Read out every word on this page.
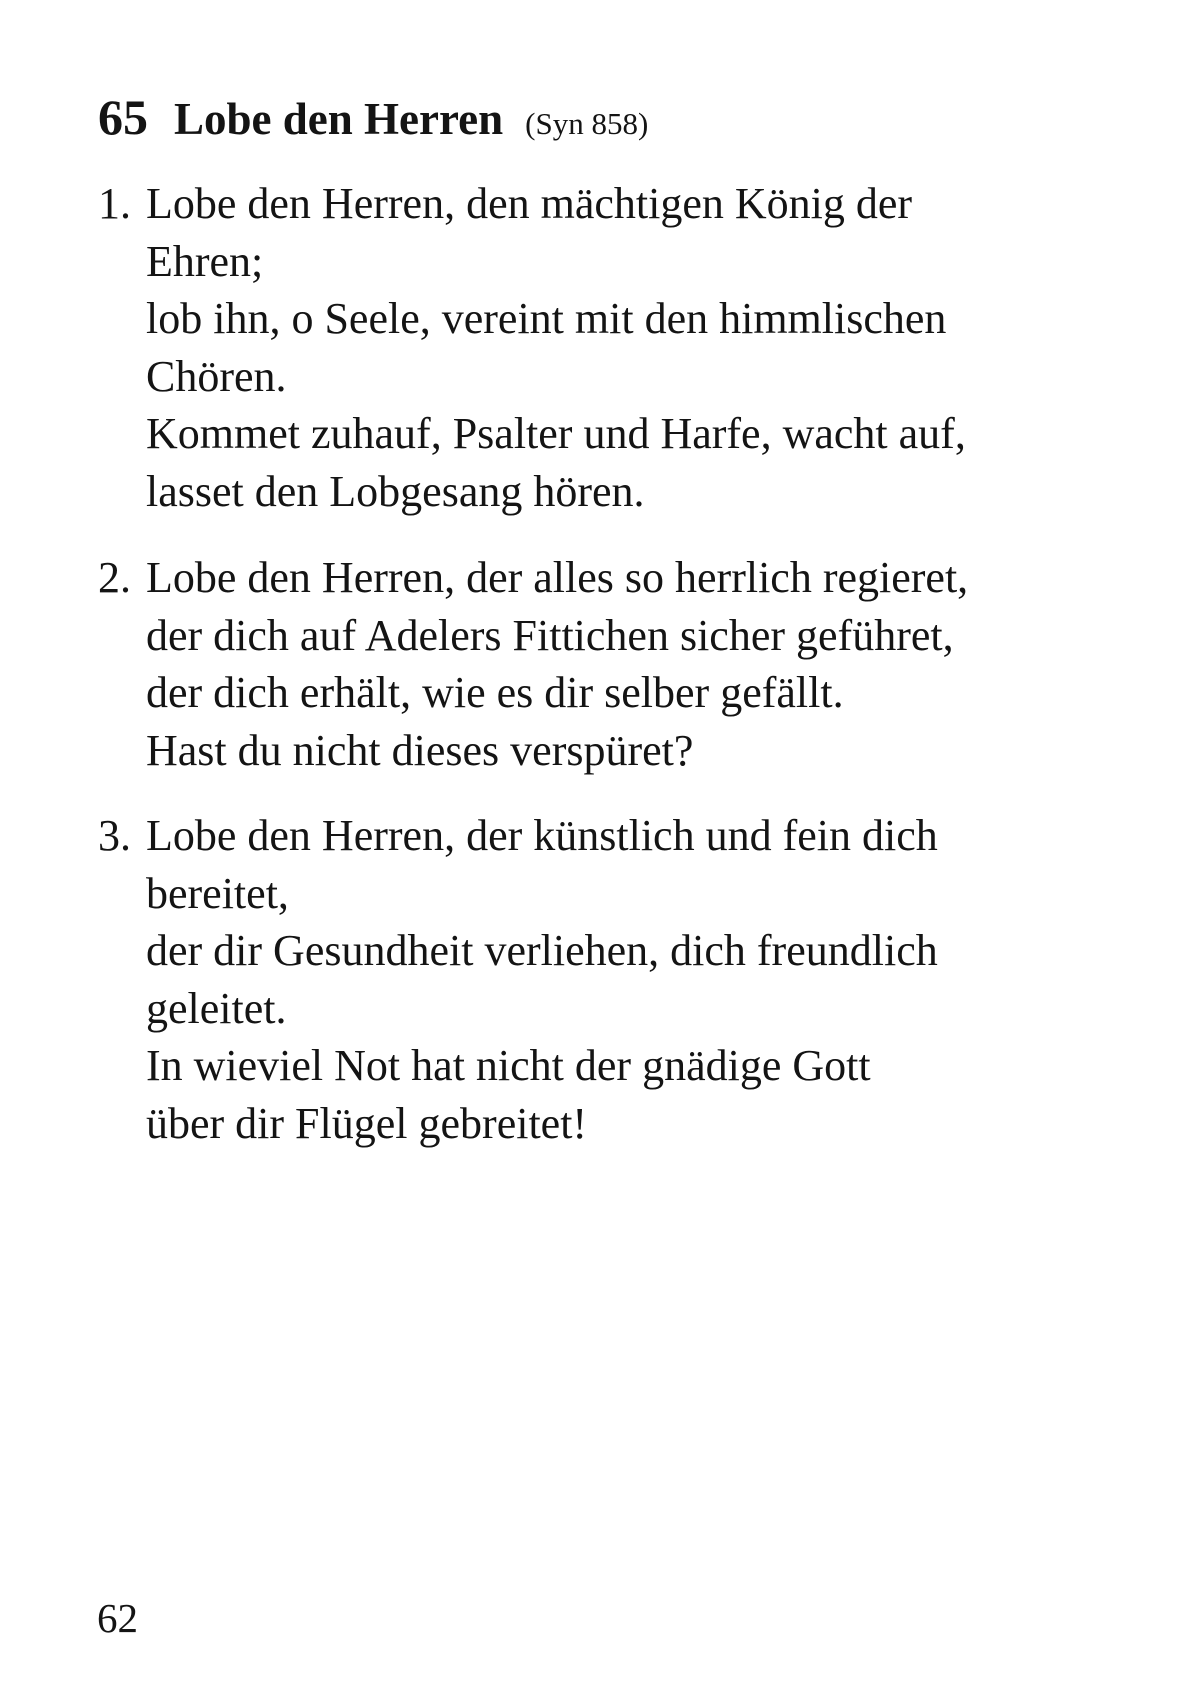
65 Lobe den Herren (Syn 858)
1. Lobe den Herren, den mächtigen König der
Ehren;
lob ihn, o Seele, vereint mit den himmlischen
Chören.
Kommet zuhauf, Psalter und Harfe, wacht auf,
lasset den Lobgesang hören.
2. Lobe den Herren, der alles so herrlich regieret,
der dich auf Adelers Fittichen sicher geführet,
der dich erhält, wie es dir selber gefällt.
Hast du nicht dieses verspüret?
3. Lobe den Herren, der künstlich und fein dich
bereitet,
der dir Gesundheit verliehen, dich freundlich
geleitet.
In wieviel Not hat nicht der gnädige Gott
über dir Flügel gebreitet!
62
